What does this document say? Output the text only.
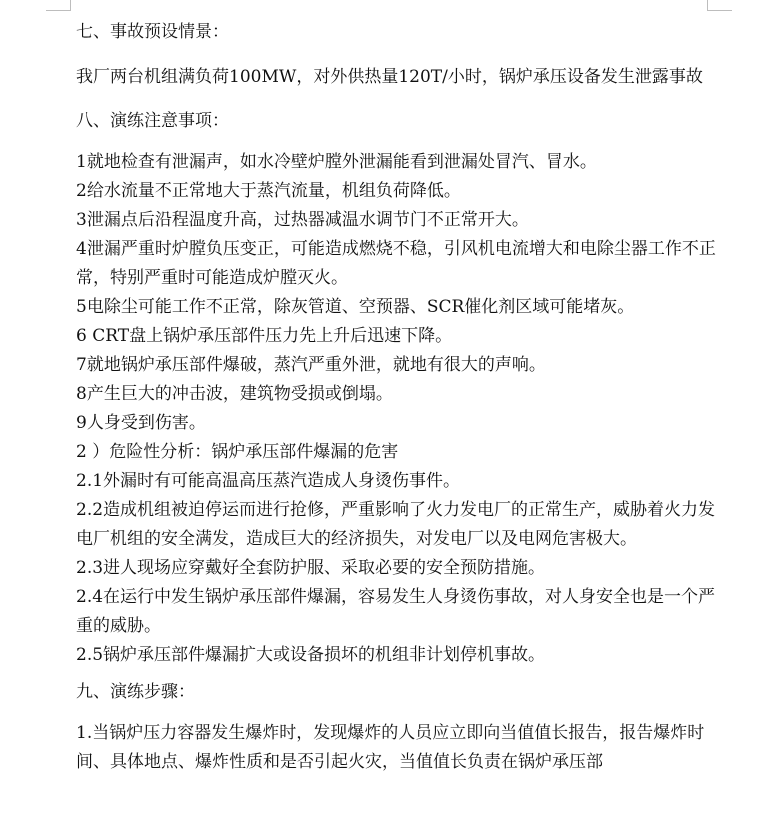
七、事故预设情景：

我厂两台机组满负荷100MW，对外供热量120T/小时，锅炉承压设备发生泄露事故

八、演练注意事项：

1就地检查有泄漏声，如水冷壁炉膛外泄漏能看到泄漏处冒汽、冒水。

2给水流量不正常地大于蒸汽流量，机组负荷降低。

3泄漏点后沿程温度升高，过热器减温水调节门不正常开大。

4泄漏严重时炉膛负压变正，可能造成燃烧不稳，引风机电流增大和电除尘器工作不正常，特别严重时可能造成炉膛灭火。

5电除尘可能工作不正常，除灰管道、空预器、SCR催化剂区域可能堵灰。

6 CRT盘上锅炉承压部件压力先上升后迅速下降。

7就地锅炉承压部件爆破，蒸汽严重外泄，就地有很大的声响。

8产生巨大的冲击波，建筑物受损或倒塌。

9人身受到伤害。

2 ）危险性分析：锅炉承压部件爆漏的危害

2.1外漏时有可能高温高压蒸汽造成人身烫伤事件。

2.2造成机组被迫停运而进行抢修，严重影响了火力发电厂的正常生产，威胁着火力发电厂机组的安全满发，造成巨大的经济损失，对发电厂以及电网危害极大。

2.3进人现场应穿戴好全套防护服、采取必要的安全预防措施。

2.4在运行中发生锅炉承压部件爆漏，容易发生人身烫伤事故，对人身安全也是一个严重的威胁。

2.5锅炉承压部件爆漏扩大或设备损坏的机组非计划停机事故。

九、演练步骤：

1.当锅炉压力容器发生爆炸时，发现爆炸的人员应立即向当值值长报告，报告爆炸时间、具体地点、爆炸性质和是否引起火灾，当值值长负责在锅炉承压部
